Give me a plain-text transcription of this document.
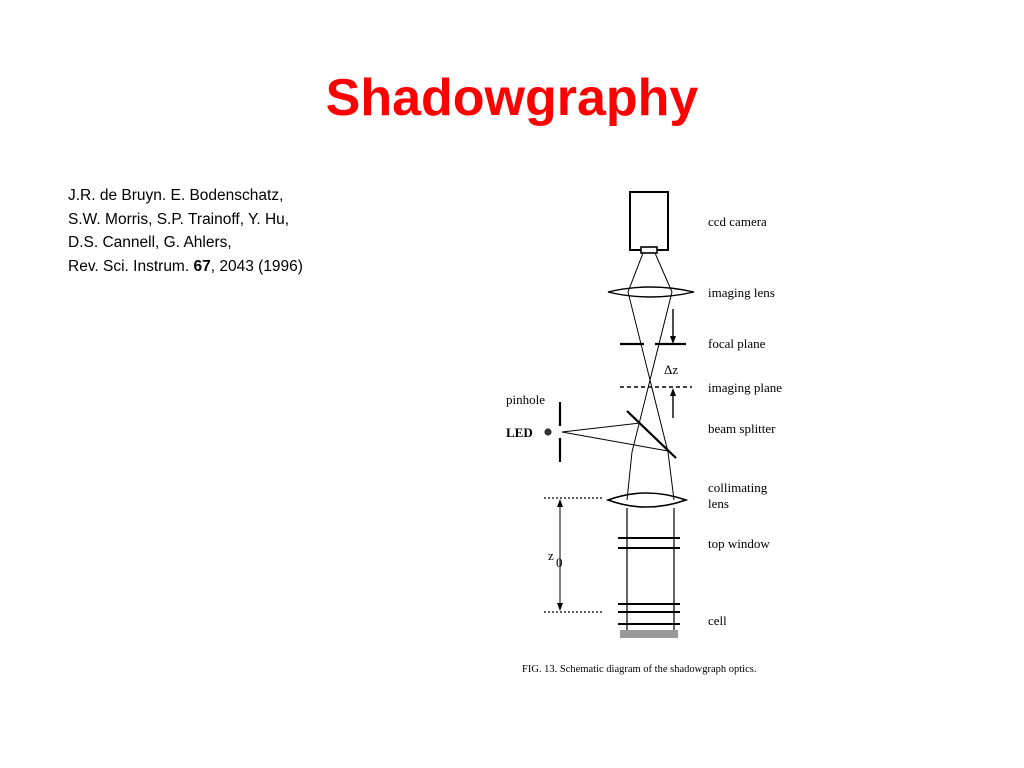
Shadowgraphy
J.R. de Bruyn. E. Bodenschatz,
S.W. Morris, S.P. Trainoff, Y. Hu,
D.S. Cannell, G. Ahlers,
Rev. Sci. Instrum. 67, 2043 (1996)
ccd camera
imaging lens
focal plane
Δz
imaging plane
beam splitter
collimating
lens
top window
cell
pinhole
LED
z 0
FIG. 13. Schematic diagram of the shadowgraph optics.
